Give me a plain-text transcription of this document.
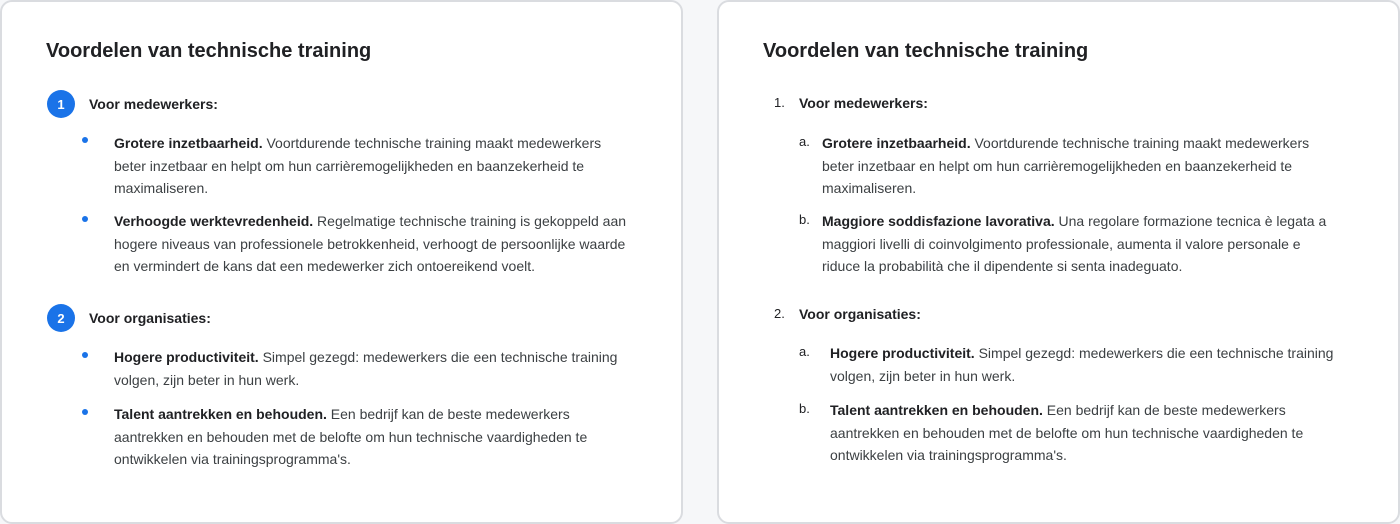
Voordelen van technische training
1	Voor medewerkers:
Grotere inzetbaarheid. Voortdurende technische training maakt medewerkers beter inzetbaar en helpt om hun carrièremogelijkheden en baanzekerheid te maximaliseren.
Verhoogde werktevredenheid. Regelmatige technische training is gekoppeld aan hogere niveaus van professionele betrokkenheid, verhoogt de persoonlijke waarde en vermindert de kans dat een medewerker zich ontoereikend voelt.
2	Voor organisaties:
Hogere productiviteit. Simpel gezegd: medewerkers die een technische training volgen, zijn beter in hun werk.
Talent aantrekken en behouden. Een bedrijf kan de beste medewerkers aantrekken en behouden met de belofte om hun technische vaardigheden te ontwikkelen via trainingsprogramma's.
Voordelen van technische training
1. Voor medewerkers:
a. Grotere inzetbaarheid. Voortdurende technische training maakt medewerkers beter inzetbaar en helpt om hun carrièremogelijkheden en baanzekerheid te maximaliseren.
b. Maggiore soddisfazione lavorativa. Una regolare formazione tecnica è legata a maggiori livelli di coinvolgimento professionale, aumenta il valore personale e riduce la probabilità che il dipendente si senta inadeguato.
2. Voor organisaties:
a. Hogere productiviteit. Simpel gezegd: medewerkers die een technische training volgen, zijn beter in hun werk.
b. Talent aantrekken en behouden. Een bedrijf kan de beste medewerkers aantrekken en behouden met de belofte om hun technische vaardigheden te ontwikkelen via trainingsprogramma's.
